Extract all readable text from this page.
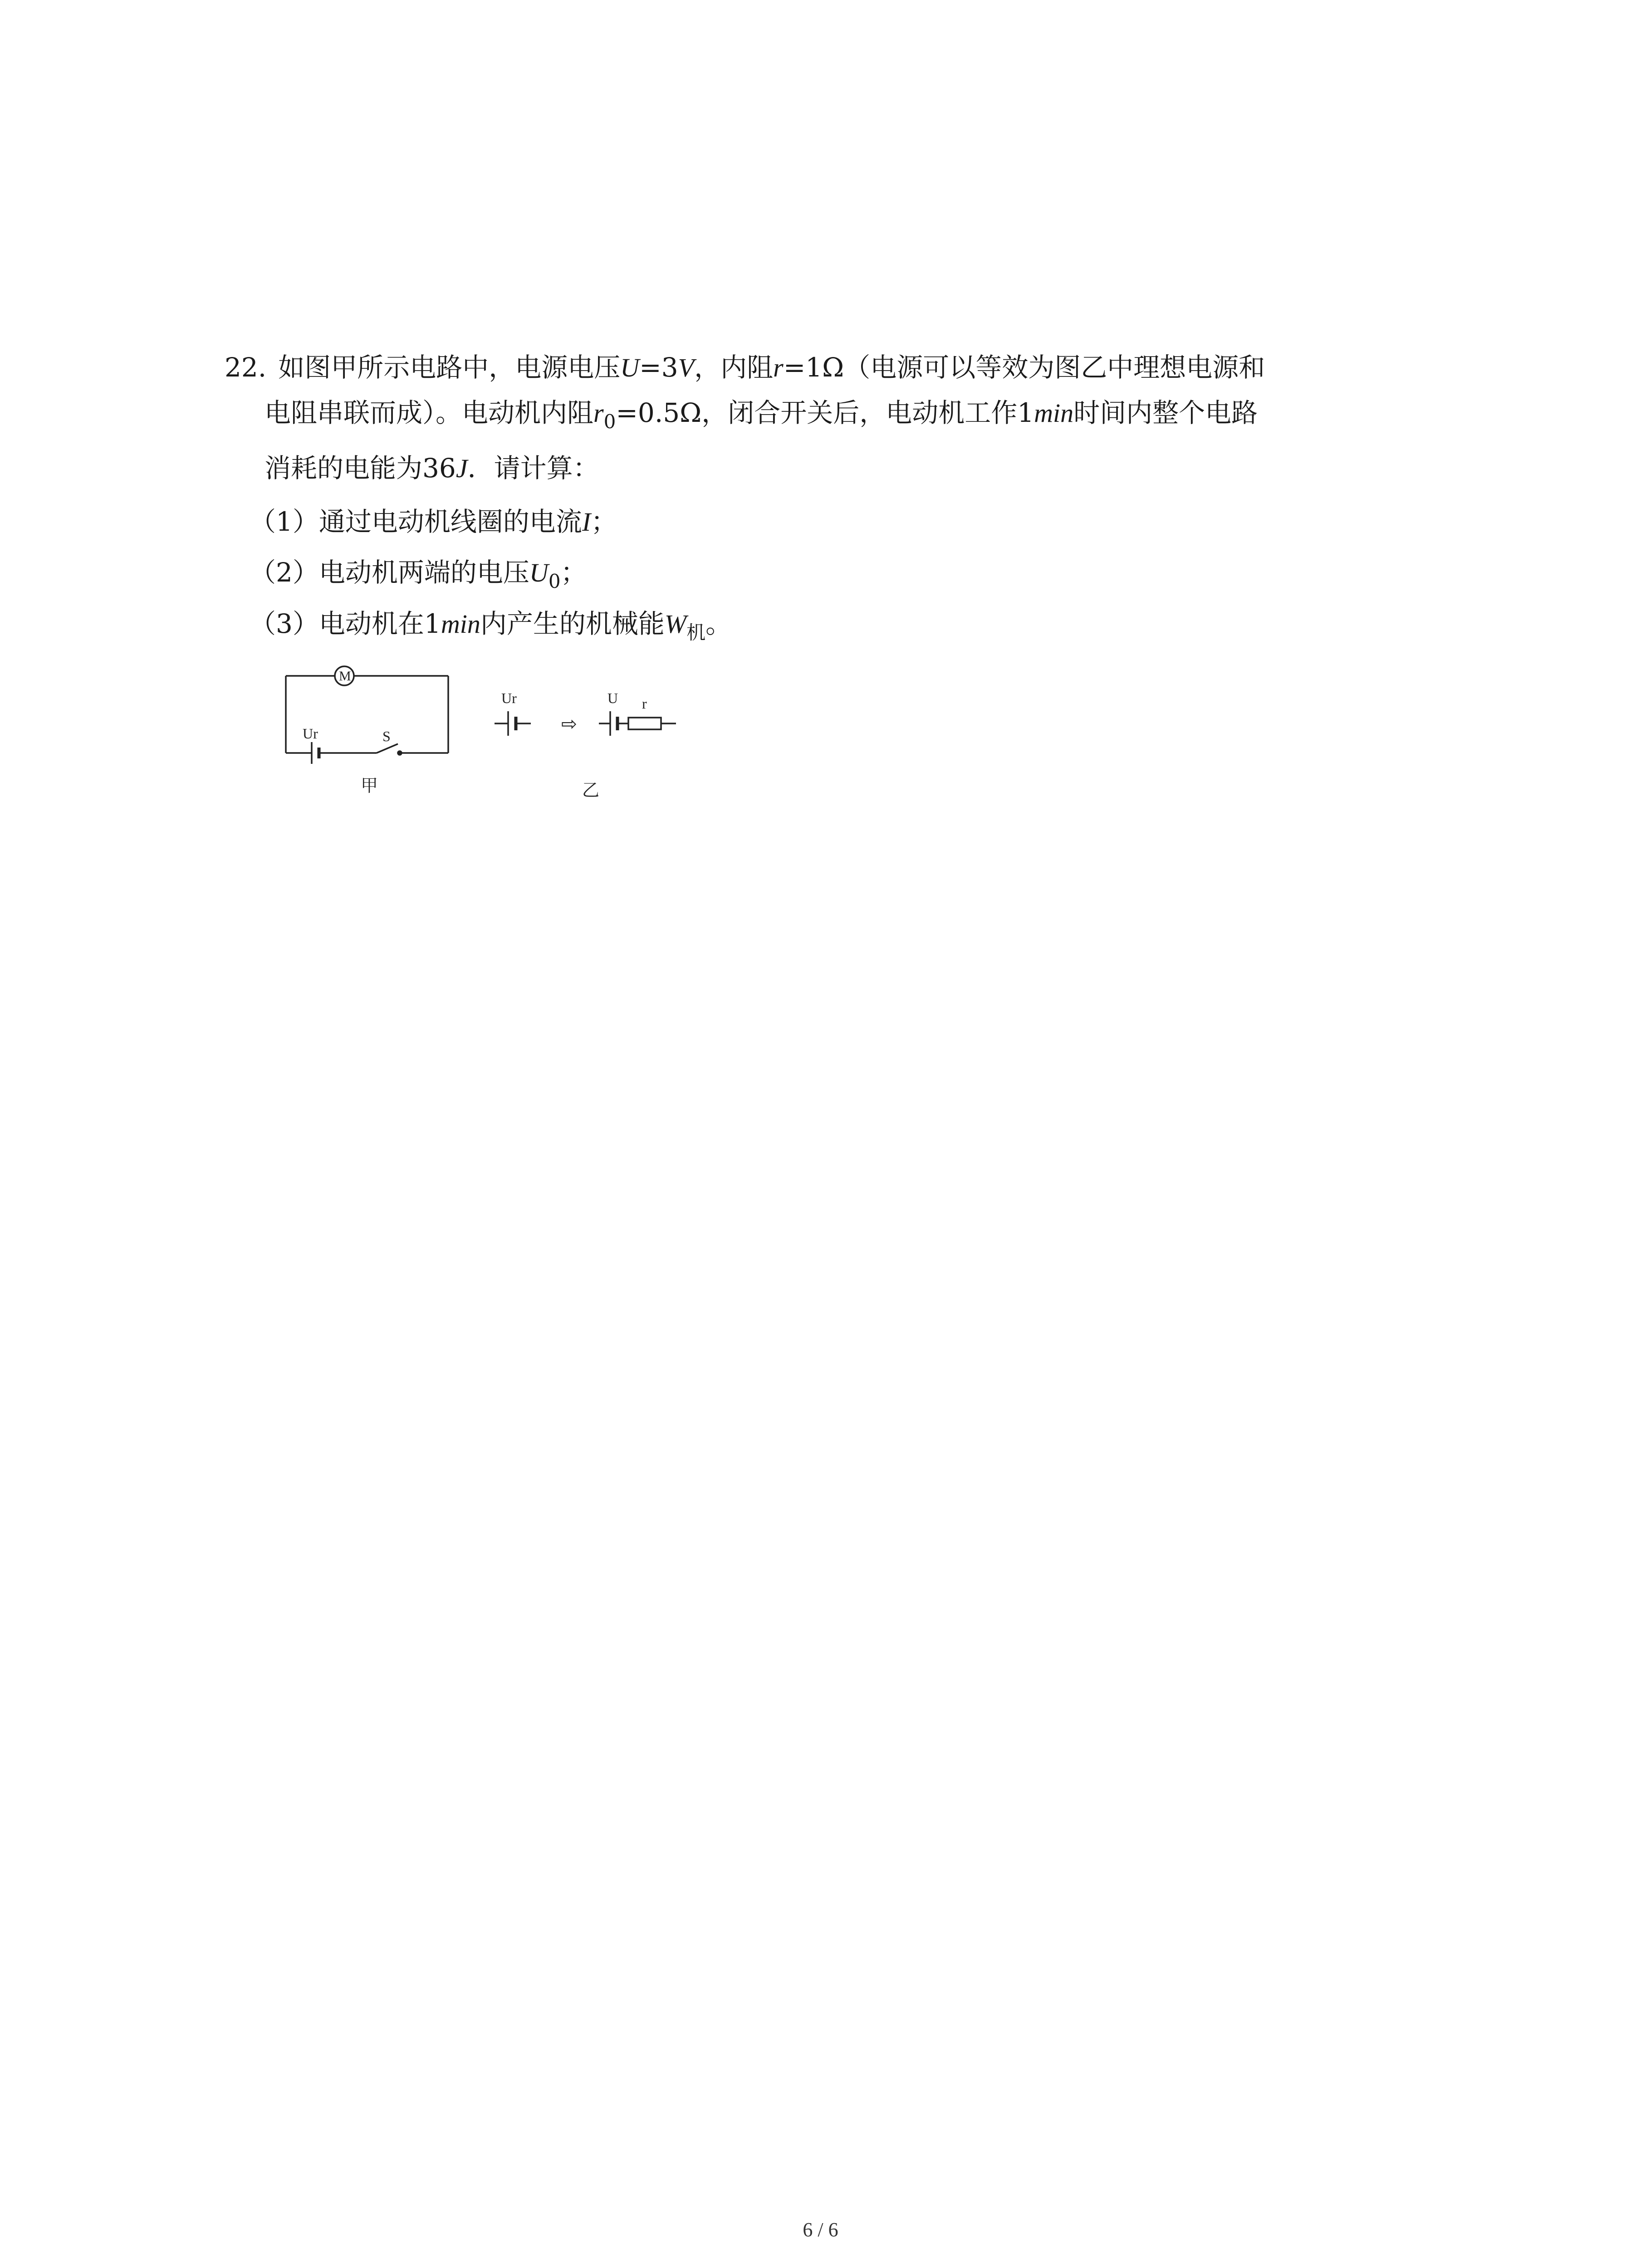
22. 如图甲所示电路中，电源电压U=3V，内阻r=1Ω（电源可以等效为图乙中理想电源和
电阻串联而成）。电动机内阻$r_0=0.5\Omega$，闭合开关后，电动机工作1min时间内整个电路
消耗的电能为36J．请计算：
（1）通过电动机线圈的电流I；
（2）电动机两端的电压$U_0$；
（3）电动机在1min内产生的机械能$W_机$。
M
Ur	S
甲
Ur
⇨
U r
乙
6 / 6
